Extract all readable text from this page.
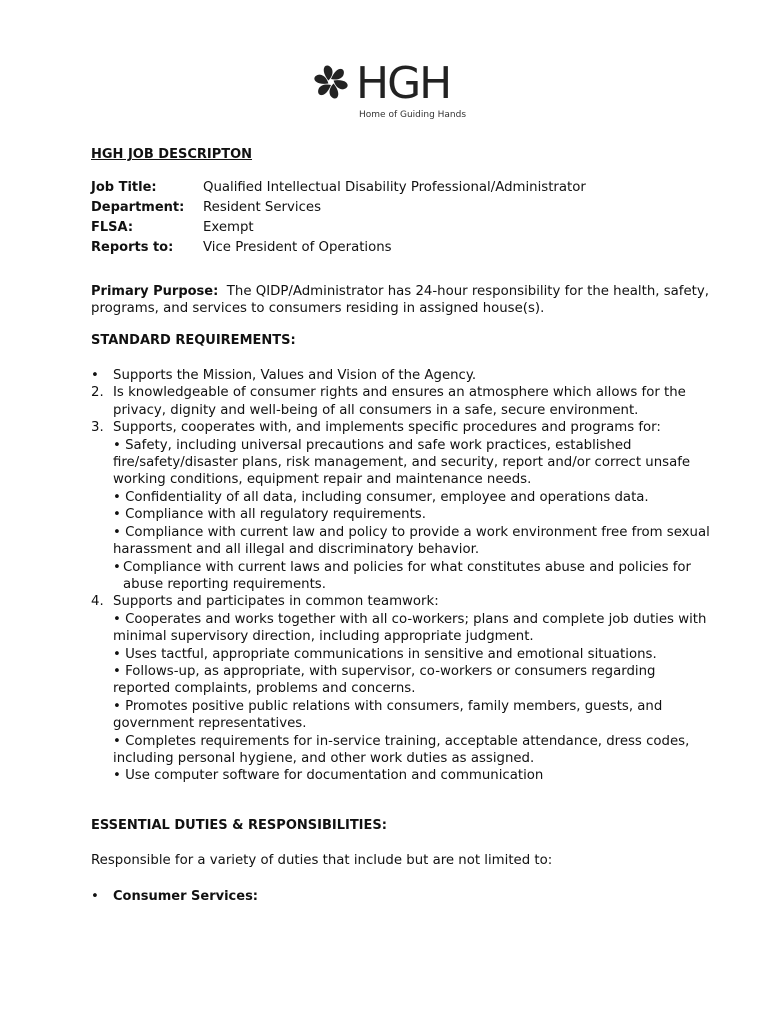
HGH
Home of Guiding Hands
HGH JOB DESCRIPTON
Job Title:	Qualified Intellectual Disability Professional/Administrator
Department:	Resident Services
FLSA:	Exempt
Reports to:	Vice President of Operations
Primary Purpose: The QIDP/Administrator has 24-hour responsibility for the health, safety, programs, and services to consumers residing in assigned house(s).
STANDARD REQUIREMENTS:
• Supports the Mission, Values and Vision of the Agency.
2. Is knowledgeable of consumer rights and ensures an atmosphere which allows for the privacy, dignity and well-being of all consumers in a safe, secure environment.
3. Supports, cooperates with, and implements specific procedures and programs for:
• Safety, including universal precautions and safe work practices, established fire/safety/disaster plans, risk management, and security, report and/or correct unsafe working conditions, equipment repair and maintenance needs.
• Confidentiality of all data, including consumer, employee and operations data.
• Compliance with all regulatory requirements.
• Compliance with current law and policy to provide a work environment free from sexual harassment and all illegal and discriminatory behavior.
• Compliance with current laws and policies for what constitutes abuse and policies for abuse reporting requirements.
4. Supports and participates in common teamwork:
• Cooperates and works together with all co-workers; plans and complete job duties with minimal supervisory direction, including appropriate judgment.
• Uses tactful, appropriate communications in sensitive and emotional situations.
• Follows-up, as appropriate, with supervisor, co-workers or consumers regarding reported complaints, problems and concerns.
• Promotes positive public relations with consumers, family members, guests, and government representatives.
• Completes requirements for in-service training, acceptable attendance, dress codes, including personal hygiene, and other work duties as assigned.
• Use computer software for documentation and communication
ESSENTIAL DUTIES & RESPONSIBILITIES:
Responsible for a variety of duties that include but are not limited to:
• Consumer Services:
